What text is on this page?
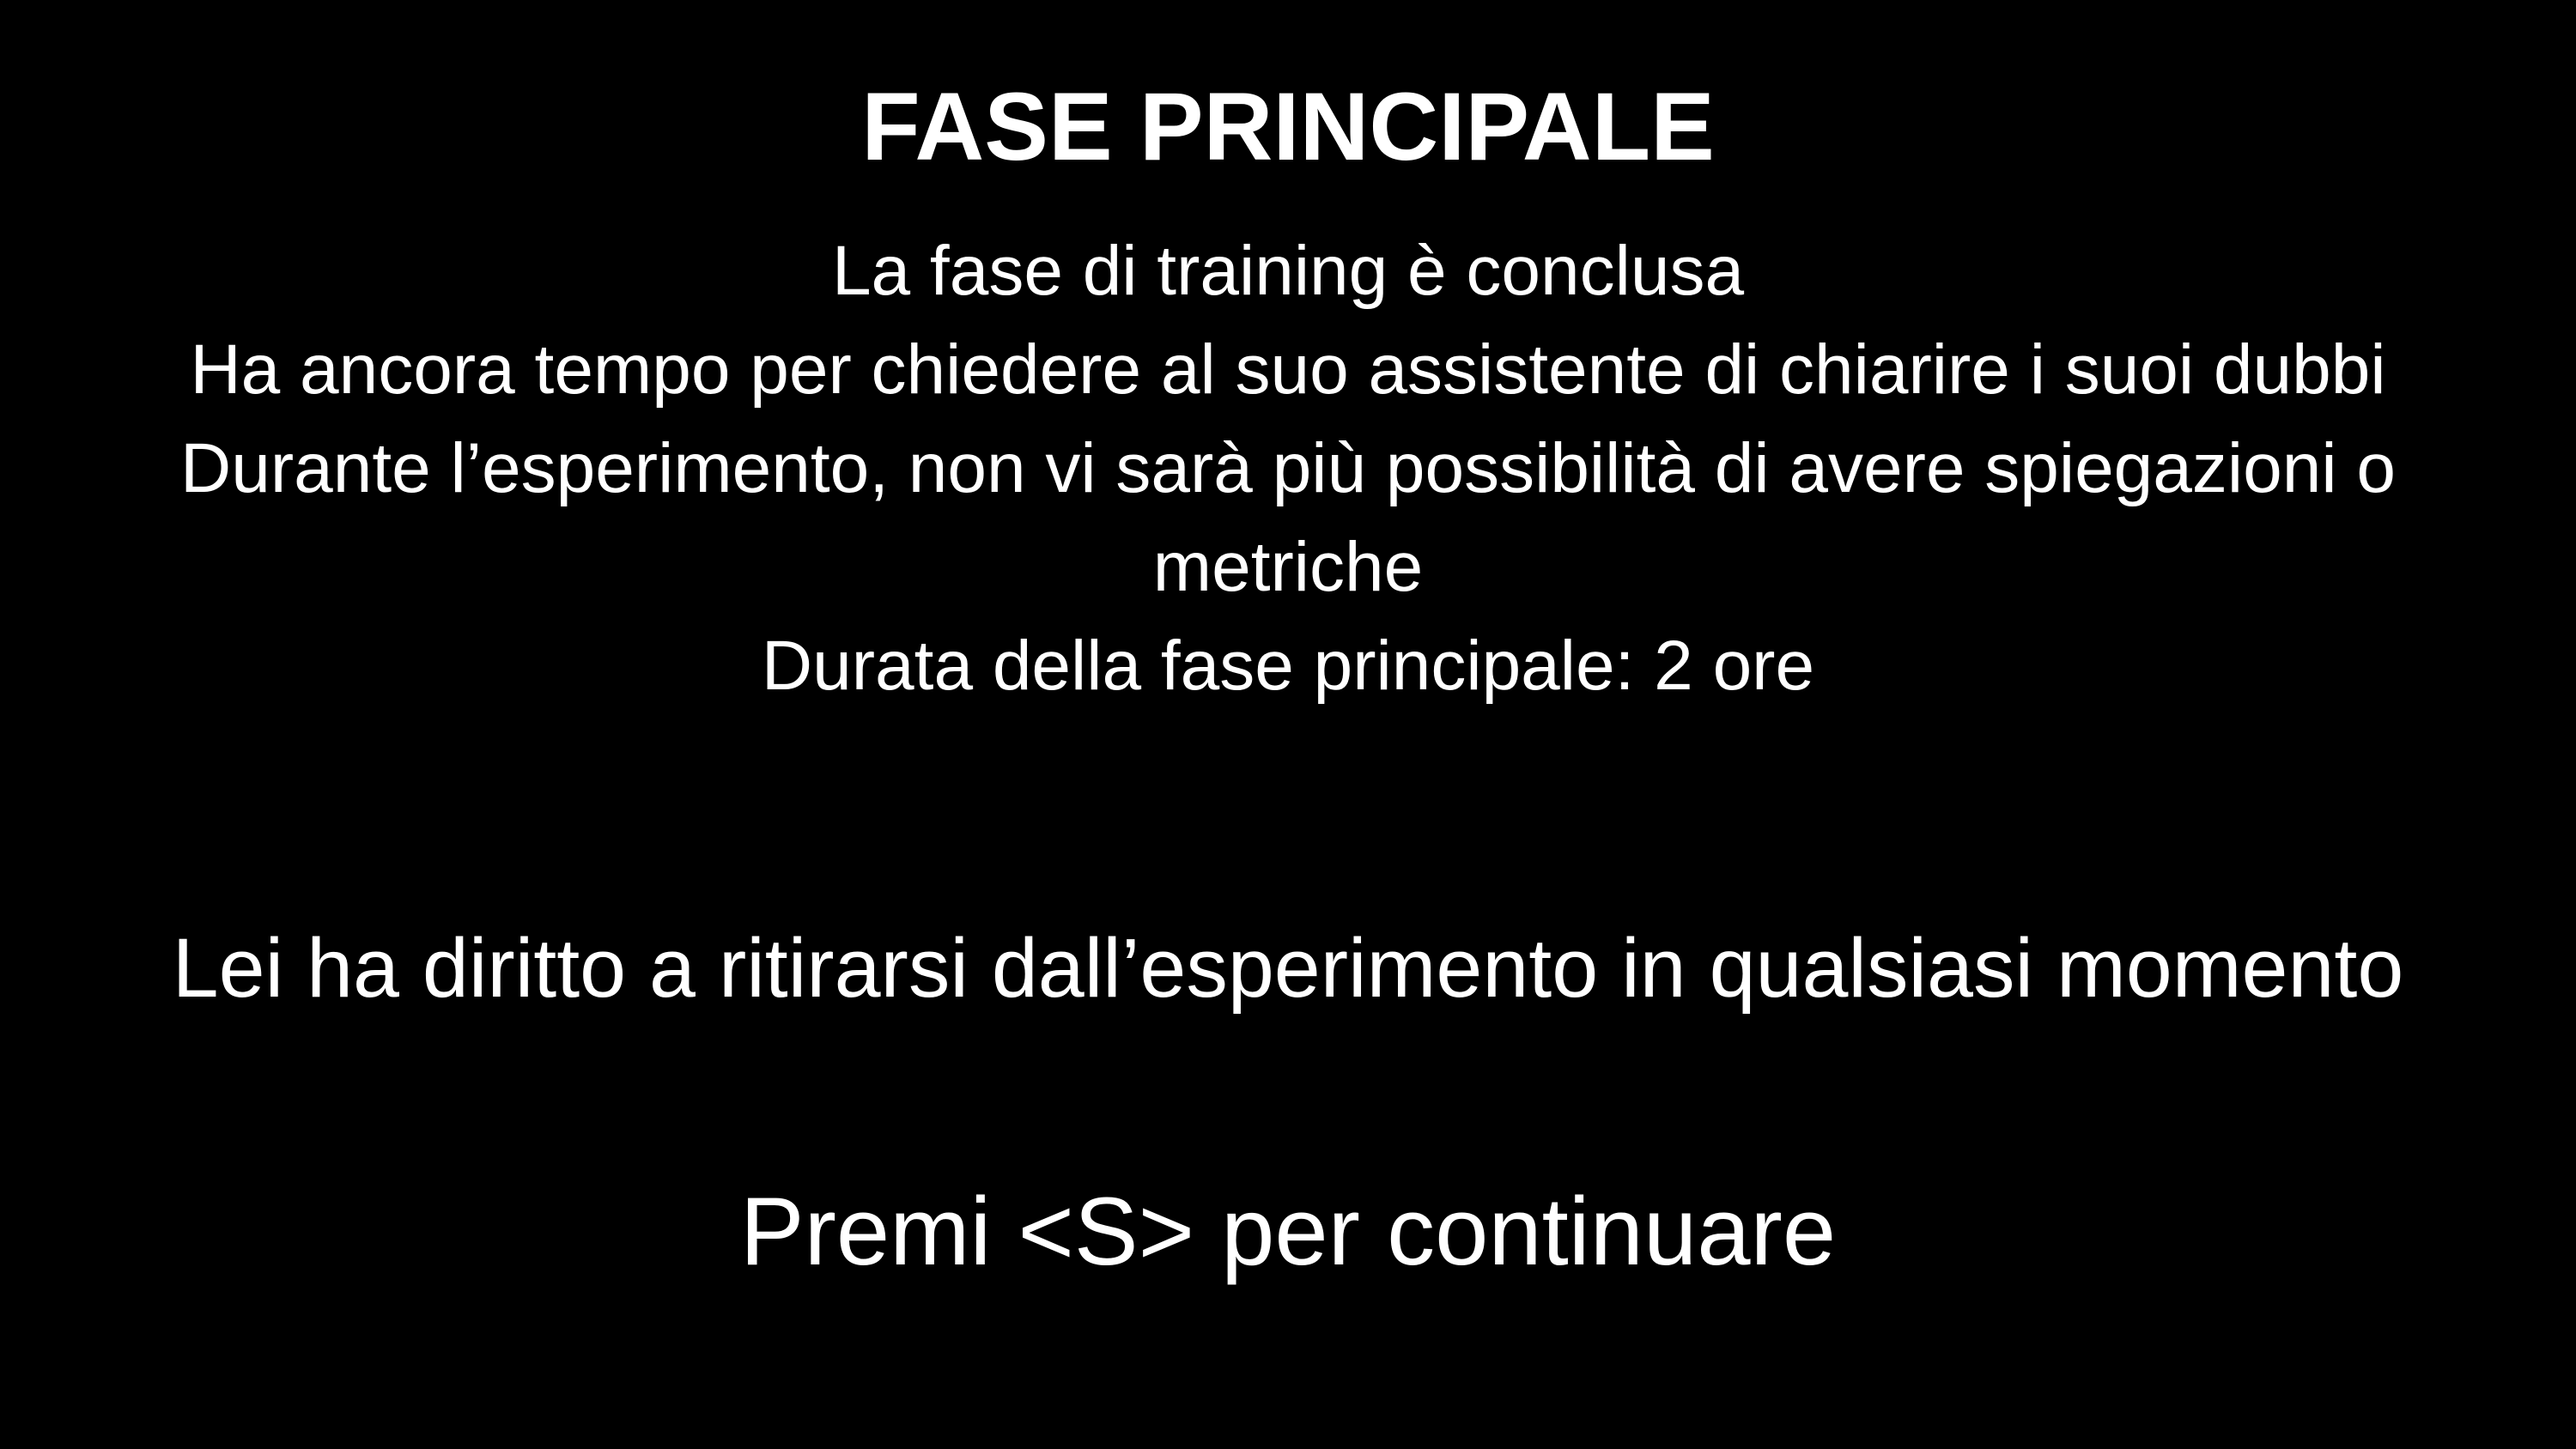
FASE PRINCIPALE
La fase di training è conclusa
Ha ancora tempo per chiedere al suo assistente di chiarire i suoi dubbi
Durante l’esperimento, non vi sarà più possibilità di avere spiegazioni o metriche
Durata della fase principale: 2 ore
Lei ha diritto a ritirarsi dall’esperimento in qualsiasi momento
Premi <S> per continuare
